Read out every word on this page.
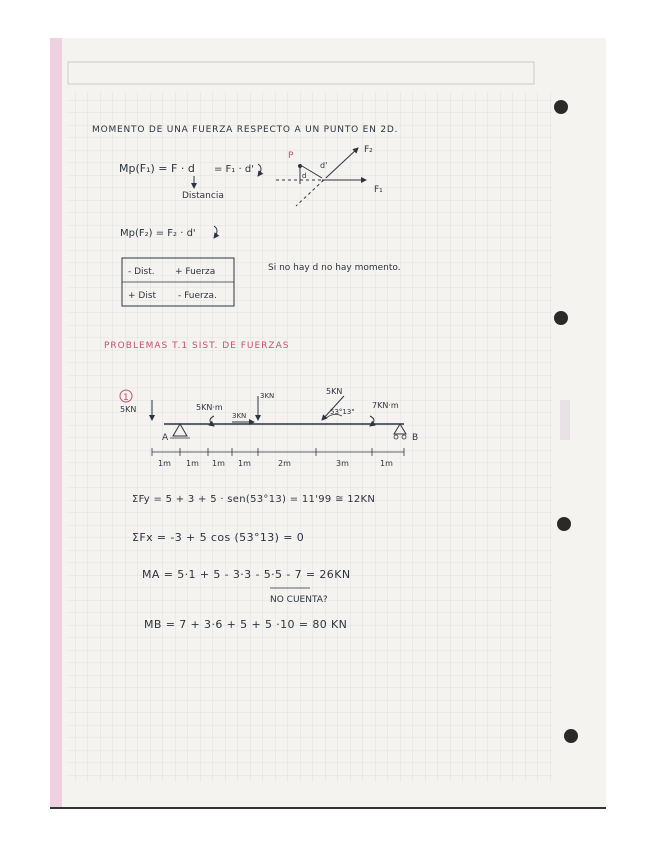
MOMENTO DE UNA FUERZA RESPECTO A UN PUNTO EN 2D.
Mp(F₁) = F · d = F₁ · d'
Distancia
P
F₂
F₁
d
d'
Mp(F₂) = F₂ · d'
- Dist. + Fuerza
+ Dist - Fuerza.
Si no hay d no hay momento.
PROBLEMAS T.1 SIST. DE FUERZAS
1
A	B
5KN	5KN·m
3KN
3KN	5KN
53°13"
7KN·m
1m 1m 1m 1m	2m	3m	1m
ΣFy = 5 + 3 + 5 · sen(53°13) = 11'99 ≅ 12KN
ΣFx = -3 + 5 cos (53°13) = 0
MA = 5·1 + 5 - 3·3 - 5·5 - 7 = 26KN
NO CUENTA?
MB = 7 + 3·6 + 5 + 5 ·10 = 80 KN
